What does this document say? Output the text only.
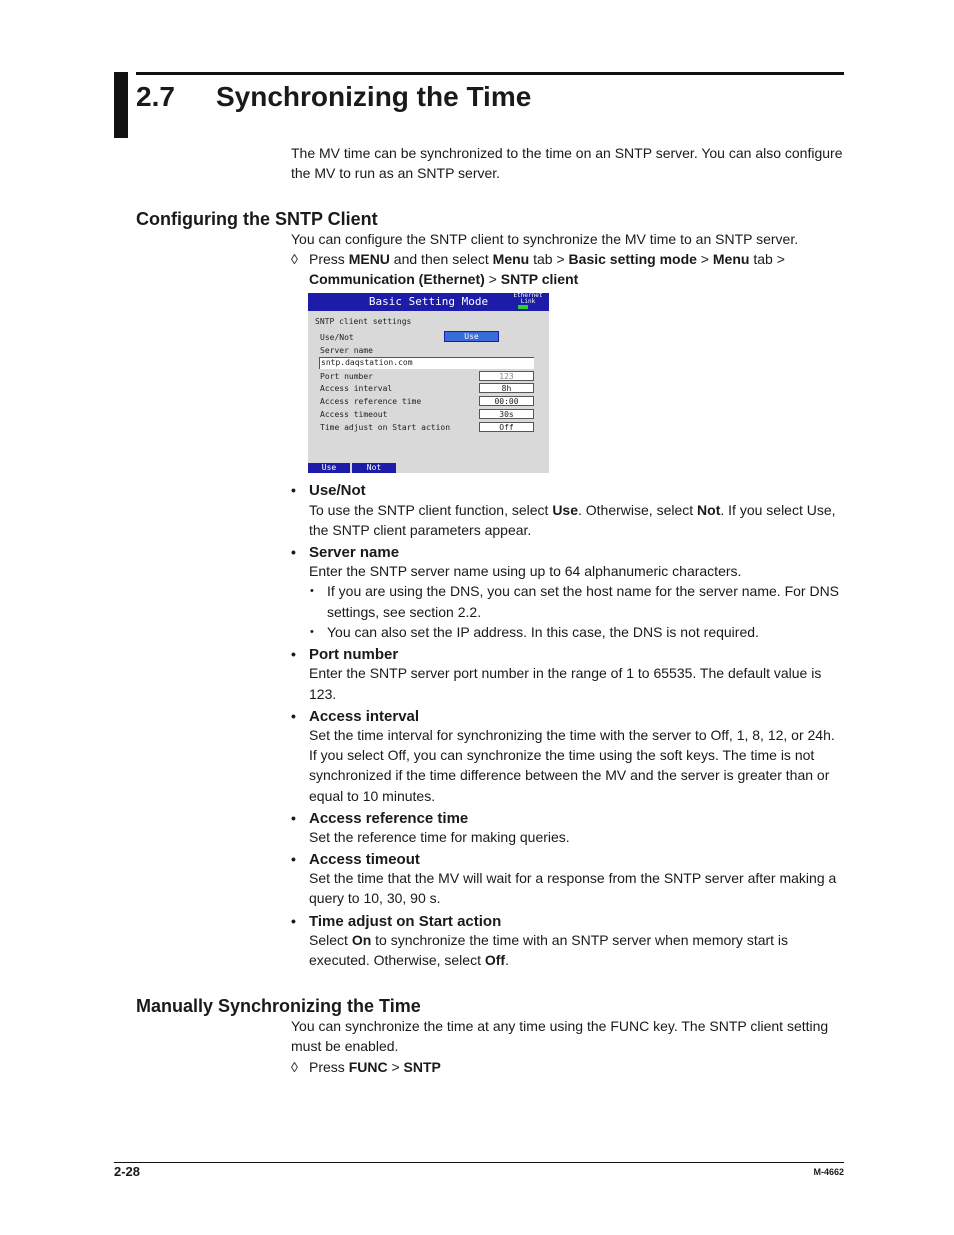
2.7 Synchronizing the Time
The MV time can be synchronized to the time on an SNTP server. You can also configure
the MV to run as an SNTP server.
Configuring the SNTP Client
You can configure the SNTP client to synchronize the MV time to an SNTP server.
◊ Press MENU and then select Menu tab > Basic setting mode > Menu tab >
Communication (Ethernet) > SNTP client
Basic Setting Mode	Ethernet Link
SNTP client settings
Use/Not	Use
Server name
sntp.daqstation.com
Port number	123
Access interval	8h
Access reference time	00:00
Access timeout	30s
Time adjust on Start action	Off
Use	Not
• Use/Not
To use the SNTP client function, select Use. Otherwise, select Not. If you select Use,
the SNTP client parameters appear.
• Server name
Enter the SNTP server name using up to 64 alphanumeric characters.
• If you are using the DNS, you can set the host name for the server name. For DNS
settings, see section 2.2.
• You can also set the IP address. In this case, the DNS is not required.
• Port number
Enter the SNTP server port number in the range of 1 to 65535. The default value is
123.
• Access interval
Set the time interval for synchronizing the time with the server to Off, 1, 8, 12, or 24h.
If you select Off, you can synchronize the time using the soft keys. The time is not
synchronized if the time difference between the MV and the server is greater than or
equal to 10 minutes.
• Access reference time
Set the reference time for making queries.
• Access timeout
Set the time that the MV will wait for a response from the SNTP server after making a
query to 10, 30, 90 s.
• Time adjust on Start action
Select On to synchronize the time with an SNTP server when memory start is
executed. Otherwise, select Off.
Manually Synchronizing the Time
You can synchronize the time at any time using the FUNC key. The SNTP client setting
must be enabled.
◊ Press FUNC > SNTP
2-28	M-4662
